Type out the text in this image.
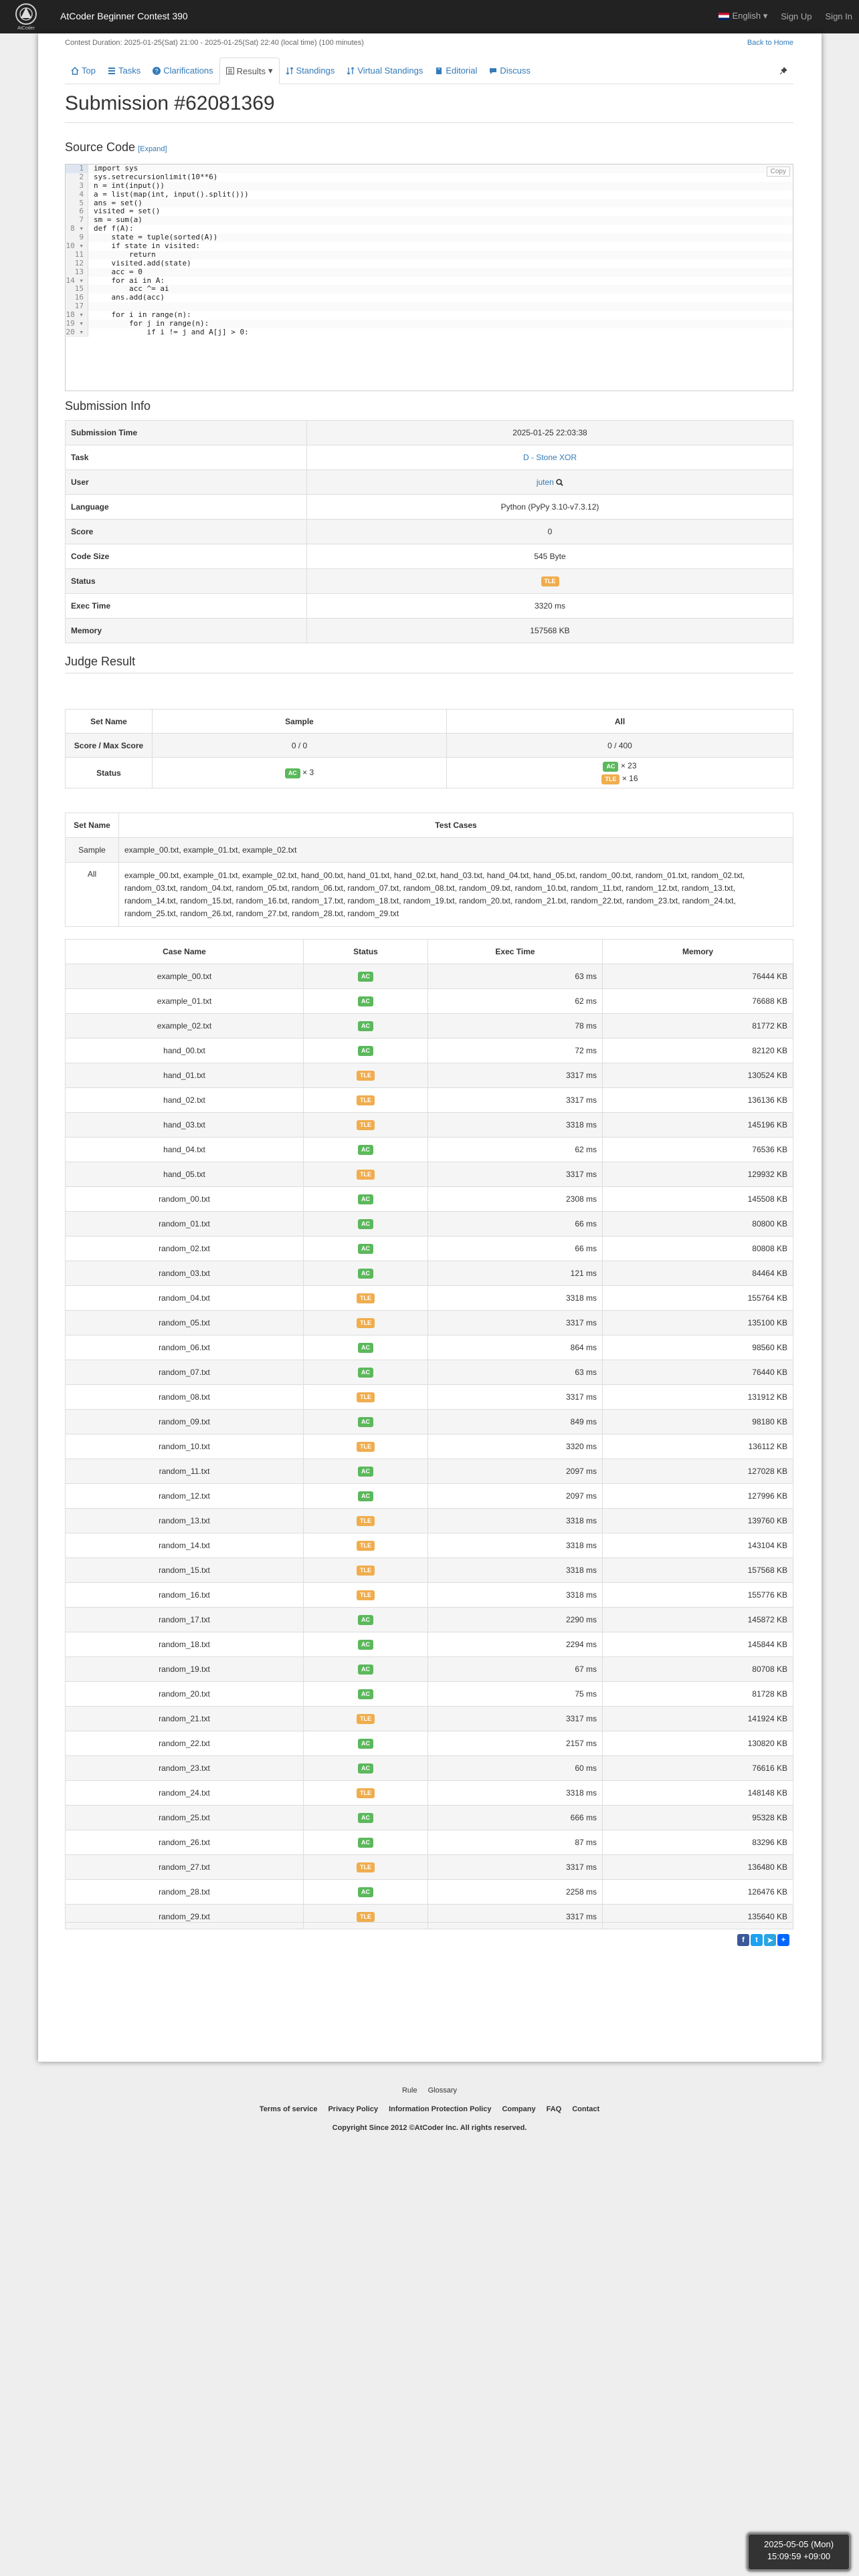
AtCoder
AtCoder Beginner Contest 390	English ▾ Sign Up Sign In
Contest Duration: 2025-01-25(Sat) 21:00 - 2025-01-25(Sat) 22:40 (local time) (100 minutes)	Back to Home
Top	Tasks ? Clarifications	Results ▾	Standings	Virtual Standings	Editorial	Discuss
Submission #62081369
Source Code [Expand]
1	import sys
2	sys.setrecursionlimit(10**6)
3	n = int(input())
4	a = list(map(int, input().split()))
5	ans = set()
6	visited = set()
7	sm = sum(a)
8 ▾	def f(A):
9	state = tuple(sorted(A))
10 ▾	if state in visited:
11	return
12	visited.add(state)
13	acc = 0
14 ▾	for ai in A:
15	acc ^= ai
16	ans.add(acc)
17
18 ▾	for i in range(n):
19 ▾	for j in range(n):
20 ▾	if i != j and A[j] > 0:
Copy
Submission Info
Submission Time	2025-01-25 22:03:38
Task	D - Stone XOR
User	juten
Language	Python (PyPy 3.10-v7.3.12)
Score	0
Code Size	545 Byte
Status	TLE
Exec Time	3320 ms
Memory	157568 KB
Judge Result
Set Name	Sample	All
Score / Max Score	0 / 0	0 / 400
Status	AC × 3	AC × 23
TLE × 16
Set Name	Test Cases
Sample	example_00.txt, example_01.txt, example_02.txt
All	example_00.txt, example_01.txt, example_02.txt, hand_00.txt, hand_01.txt, hand_02.txt, hand_03.txt, hand_04.txt, hand_05.txt, random_00.txt, random_01.txt, random_02.txt, random_03.txt, random_04.txt, random_05.txt, random_06.txt, random_07.txt, random_08.txt, random_09.txt, random_10.txt, random_11.txt, random_12.txt, random_13.txt, random_14.txt, random_15.txt, random_16.txt, random_17.txt, random_18.txt, random_19.txt, random_20.txt, random_21.txt, random_22.txt, random_23.txt, random_24.txt, random_25.txt, random_26.txt, random_27.txt, random_28.txt, random_29.txt
Case Name	Status	Exec Time	Memory
example_00.txt	AC	63 ms	76444 KB
example_01.txt	AC	62 ms	76688 KB
example_02.txt	AC	78 ms	81772 KB
hand_00.txt	AC	72 ms	82120 KB
hand_01.txt	TLE	3317 ms	130524 KB
hand_02.txt	TLE	3317 ms	136136 KB
hand_03.txt	TLE	3318 ms	145196 KB
hand_04.txt	AC	62 ms	76536 KB
hand_05.txt	TLE	3317 ms	129932 KB
random_00.txt	AC	2308 ms	145508 KB
random_01.txt	AC	66 ms	80800 KB
random_02.txt	AC	66 ms	80808 KB
random_03.txt	AC	121 ms	84464 KB
random_04.txt	TLE	3318 ms	155764 KB
random_05.txt	TLE	3317 ms	135100 KB
random_06.txt	AC	864 ms	98560 KB
random_07.txt	AC	63 ms	76440 KB
random_08.txt	TLE	3317 ms	131912 KB
random_09.txt	AC	849 ms	98180 KB
random_10.txt	TLE	3320 ms	136112 KB
random_11.txt	AC	2097 ms	127028 KB
random_12.txt	AC	2097 ms	127996 KB
random_13.txt	TLE	3318 ms	139760 KB
random_14.txt	TLE	3318 ms	143104 KB
random_15.txt	TLE	3318 ms	157568 KB
random_16.txt	TLE	3318 ms	155776 KB
random_17.txt	AC	2290 ms	145872 KB
random_18.txt	AC	2294 ms	145844 KB
random_19.txt	AC	67 ms	80708 KB
random_20.txt	AC	75 ms	81728 KB
random_21.txt	TLE	3317 ms	141924 KB
random_22.txt	AC	2157 ms	130820 KB
random_23.txt	AC	60 ms	76616 KB
random_24.txt	TLE	3318 ms	148148 KB
random_25.txt	AC	666 ms	95328 KB
random_26.txt	AC	87 ms	83296 KB
random_27.txt	TLE	3317 ms	136480 KB
random_28.txt	AC	2258 ms	126476 KB
random_29.txt	TLE	3317 ms	135640 KB
f	t	➤	+
Rule Glossary
Terms of service Privacy Policy Information Protection Policy Company FAQ Contact
Copyright Since 2012 ©AtCoder Inc. All rights reserved.
2025-05-05 (Mon)
15:09:59 +09:00
